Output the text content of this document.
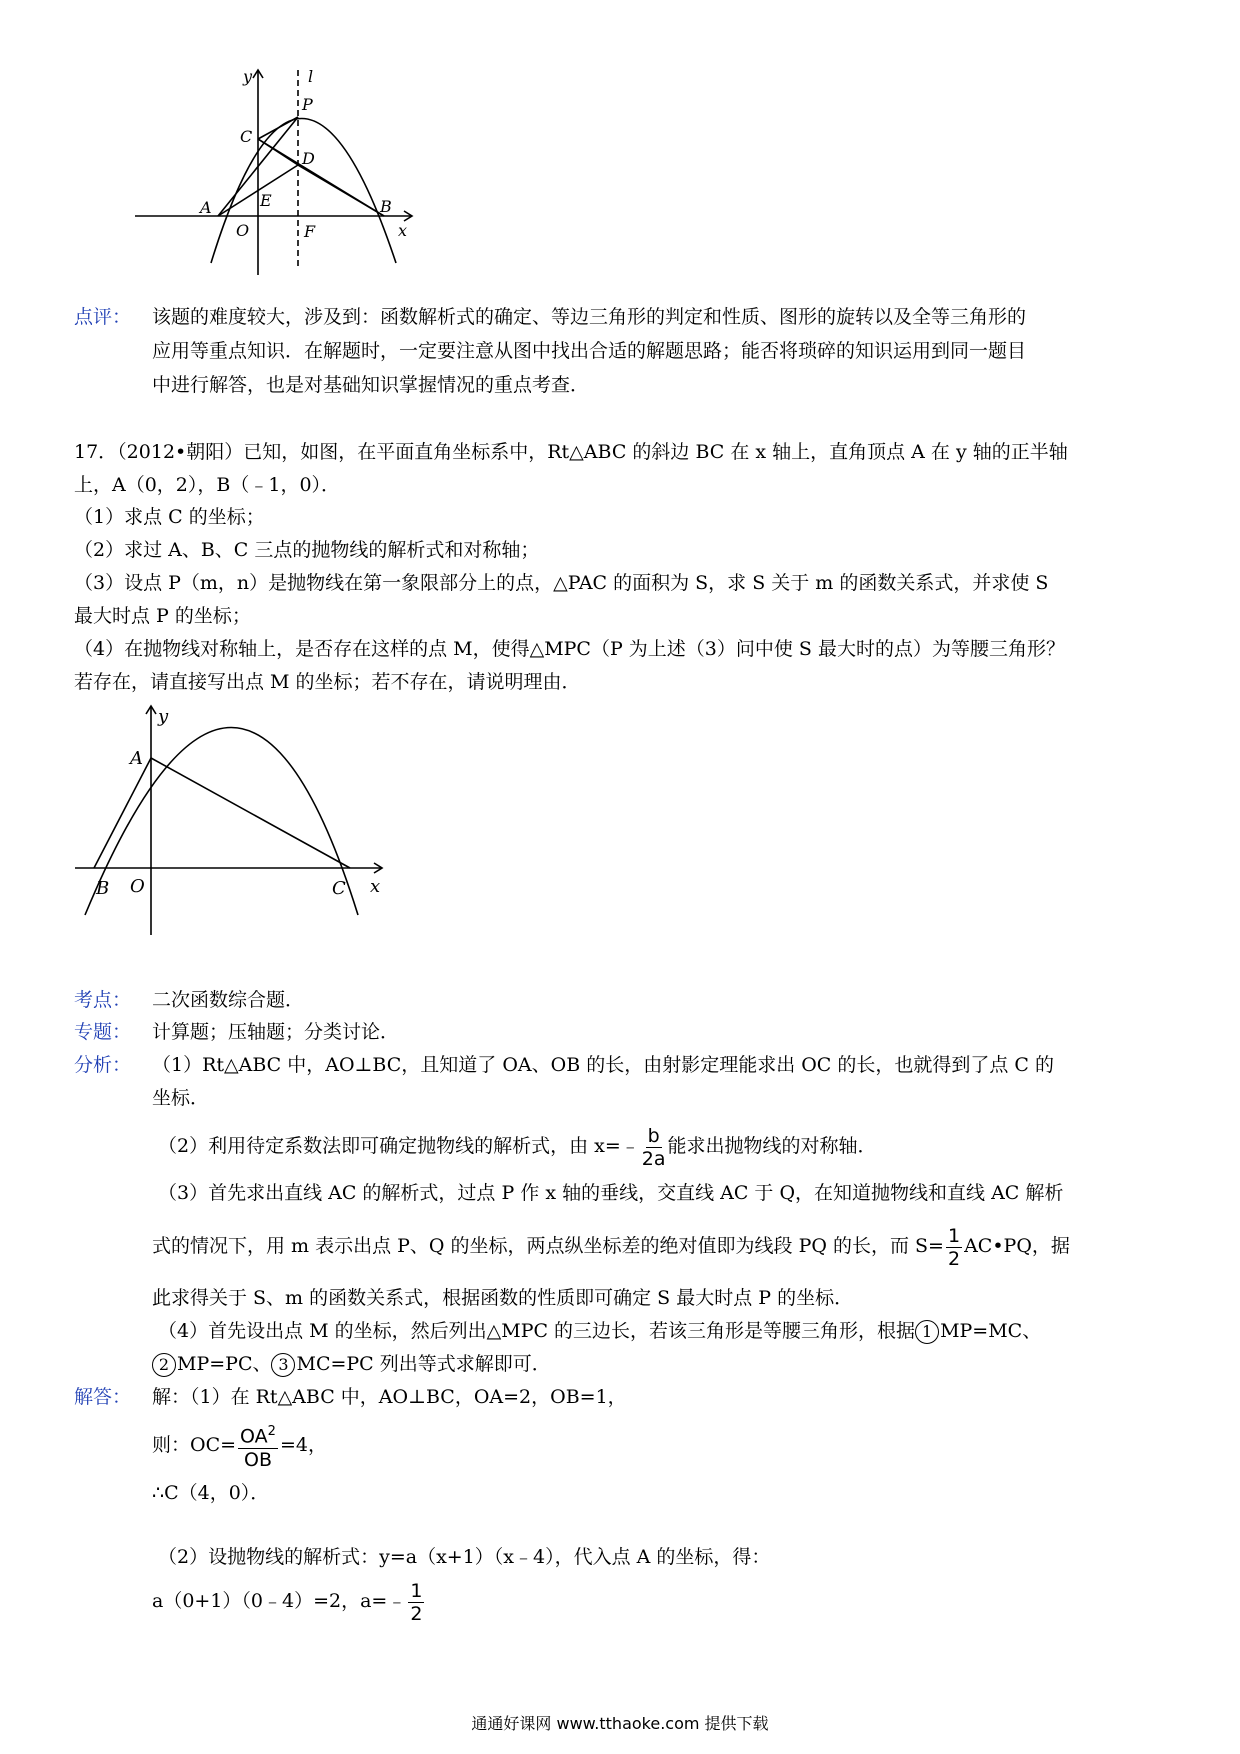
y	l
P
C
D
E
A
O	F
B
x
点评： 该题的难度较大，涉及到：函数解析式的确定、等边三角形的判定和性质、图形的旋转以及全等三角形的
应用等重点知识．在解题时，一定要注意从图中找出合适的解题思路；能否将琐碎的知识运用到同一题目
中进行解答，也是对基础知识掌握情况的重点考查．
17．（2012•朝阳）已知，如图，在平面直角坐标系中，Rt△ABC 的斜边 BC 在 x 轴上，直角顶点 A 在 y 轴的正半轴
上，A（0，2），B（﹣1，0）．
（1）求点 C 的坐标；
（2）求过 A、B、C 三点的抛物线的解析式和对称轴；
（3）设点 P（m，n）是抛物线在第一象限部分上的点，△PAC 的面积为 S，求 S 关于 m 的函数关系式，并求使 S
最大时点 P 的坐标；
（4）在抛物线对称轴上，是否存在这样的点 M，使得△MPC（P 为上述（3）问中使 S 最大时的点）为等腰三角形？
若存在，请直接写出点 M 的坐标；若不存在，请说明理由．
y
A
B O	C x
考点： 二次函数综合题．
专题： 计算题；压轴题；分类讨论．
分析： （1）Rt△ABC 中，AO⊥BC，且知道了 OA、OB 的长，由射影定理能求出 OC 的长，也就得到了点 C 的
坐标．
（2）利用待定系数法即可确定抛物线的解析式，由 x=﹣ $\frac{b}{2a}$ 能求出抛物线的对称轴．
（3）首先求出直线 AC 的解析式，过点 P 作 x 轴的垂线，交直线 AC 于 Q，在知道抛物线和直线 AC 解析
式的情况下，用 m 表示出点 P、Q 的坐标，两点纵坐标差的绝对值即为线段 PQ 的长，而 $S= \frac{1}{2}$ AC•PQ，据
此求得关于 S、m 的函数关系式，根据函数的性质即可确定 S 最大时点 P 的坐标．
（4）首先设出点 M 的坐标，然后列出△MPC 的三边长，若该三角形是等腰三角形，根据 1 MP=MC、
2 MP=PC、 3 MC=PC 列出等式求解即可．
解答： 解：（1）在 Rt△ABC 中，AO⊥BC，OA=2，OB=1，
则：$OC= \frac{OA^2}{OB} =4$，
∴C（4，0）．
（2）设抛物线的解析式：y=a（x+1）（x﹣4），代入点 A 的坐标，得：
a（0+1）（0﹣4）=2，a=﹣ $\frac{1}{2}$
通通好课网 www.tthaoke.com 提供下载
